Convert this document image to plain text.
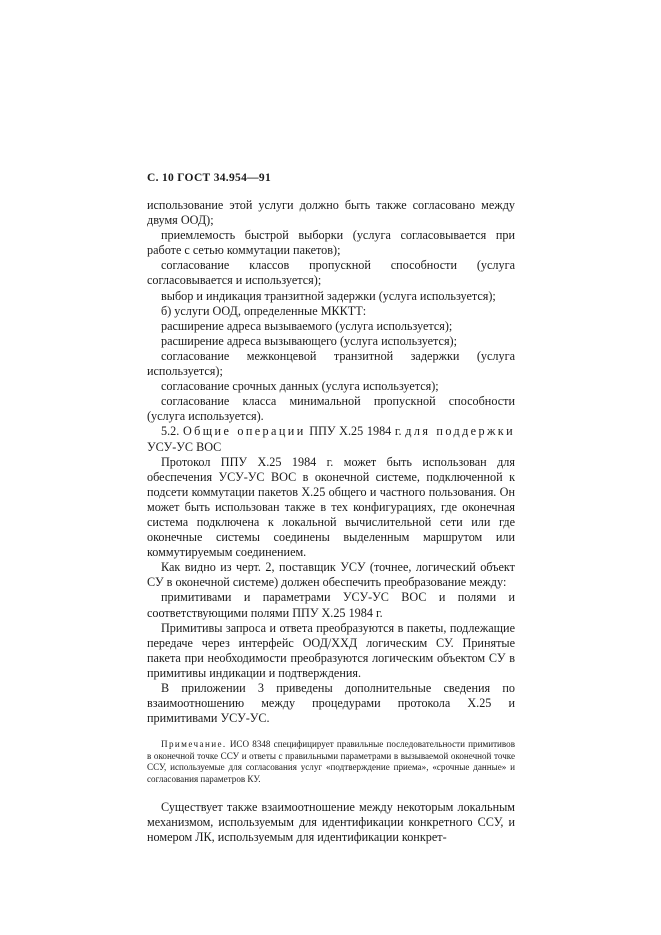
С. 10 ГОСТ 34.954—91

использование этой услуги должно быть также согласовано между двумя ООД);

приемлемость быстрой выборки (услуга согласовывается при работе с сетью коммутации пакетов);

согласование классов пропускной способности (услуга согласовывается и используется);

выбор и индикация транзитной задержки (услуга используется);

б) услуги ООД, определенные МККТТ:

расширение адреса вызываемого (услуга используется);

расширение адреса вызывающего (услуга используется);

согласование межконцевой транзитной задержки (услуга используется);

согласование срочных данных (услуга используется);

согласование класса минимальной пропускной способности (услуга используется).

5.2. Общие операции ППУ Х.25 1984 г. для поддержки УСУ-УС ВОС

Протокол ППУ Х.25 1984 г. может быть использован для обеспечения УСУ-УС ВОС в оконечной системе, подключенной к подсети коммутации пакетов Х.25 общего и частного пользования. Он может быть использован также в тех конфигурациях, где оконечная система подключена к локальной вычислительной сети или где оконечные системы соединены выделенным маршрутом или коммутируемым соединением.

Как видно из черт. 2, поставщик УСУ (точнее, логический объект СУ в оконечной системе) должен обеспечить преобразование между:

примитивами и параметрами УСУ-УС ВОС и полями и соответствующими полями ППУ Х.25 1984 г.

Примитивы запроса и ответа преобразуются в пакеты, подлежащие передаче через интерфейс ООД/ХХД логическим СУ. Принятые пакета при необходимости преобразуются логическим объектом СУ в примитивы индикации и подтверждения.

В приложении 3 приведены дополнительные сведения по взаимоотношению между процедурами протокола Х.25 и примитивами УСУ-УС.

Примечание. ИСО 8348 специфицирует правильные последовательности примитивов в оконечной точке ССУ и ответы с правильными параметрами в вызываемой оконечной точке ССУ, используемые для согласования услуг «подтверждение приема», «срочные данные» и согласования параметров КУ.

Существует также взаимоотношение между некоторым локальным механизмом, используемым для идентификации конкретного ССУ, и номером ЛК, используемым для идентификации конкрет-
